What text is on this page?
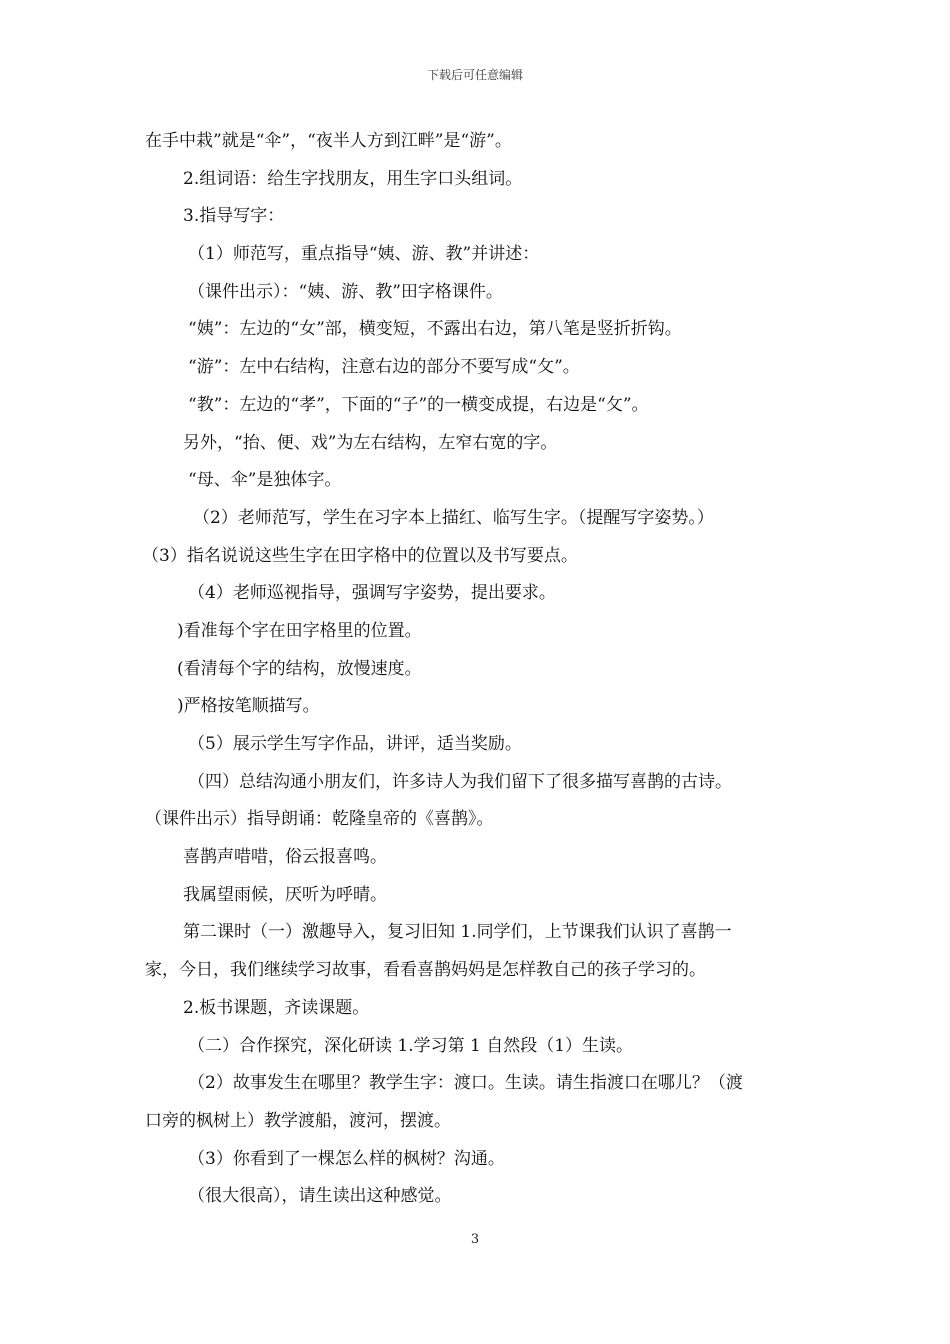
下载后可任意编辑
在手中栽”就是“伞”，“夜半人方到江畔”是“游”。
2.组词语：给生字找朋友，用生字口头组词。
3.指导写字：
（1）师范写，重点指导“姨、游、教”并讲述：
（课件出示）：“姨、游、教”田字格课件。
“姨”：左边的“女”部，横变短，不露出右边，第八笔是竖折折钩。
“游”：左中右结构，注意右边的部分不要写成“攵”。
“教”：左边的“孝”，下面的“子”的一横变成提，右边是“攵”。
另外，“抬、便、戏”为左右结构，左窄右宽的字。
“母、伞”是独体字。
（2）老师范写，学生在习字本上描红、临写生字。（提醒写字姿势。）
（3）指名说说这些生字在田字格中的位置以及书写要点。
（4）老师巡视指导，强调写字姿势，提出要求。
)看准每个字在田字格里的位置。
(看清每个字的结构，放慢速度。
)严格按笔顺描写。
（5）展示学生写字作品，讲评，适当奖励。
（四）总结沟通小朋友们，许多诗人为我们留下了很多描写喜鹊的古诗。
（课件出示）指导朗诵：乾隆皇帝的《喜鹊》。
喜鹊声唶唶，俗云报喜鸣。
我属望雨候，厌听为呼晴。
第二课时（一）激趣导入，复习旧知 1.同学们，上节课我们认识了喜鹊一
家，今日，我们继续学习故事，看看喜鹊妈妈是怎样教自己的孩子学习的。
2.板书课题，齐读课题。
（二）合作探究，深化研读 1.学习第 1 自然段（1）生读。
（2）故事发生在哪里？教学生字：渡口。生读。请生指渡口在哪儿？（渡
口旁的枫树上）教学渡船，渡河，摆渡。
（3）你看到了一棵怎么样的枫树？沟通。
（很大很高），请生读出这种感觉。
3
